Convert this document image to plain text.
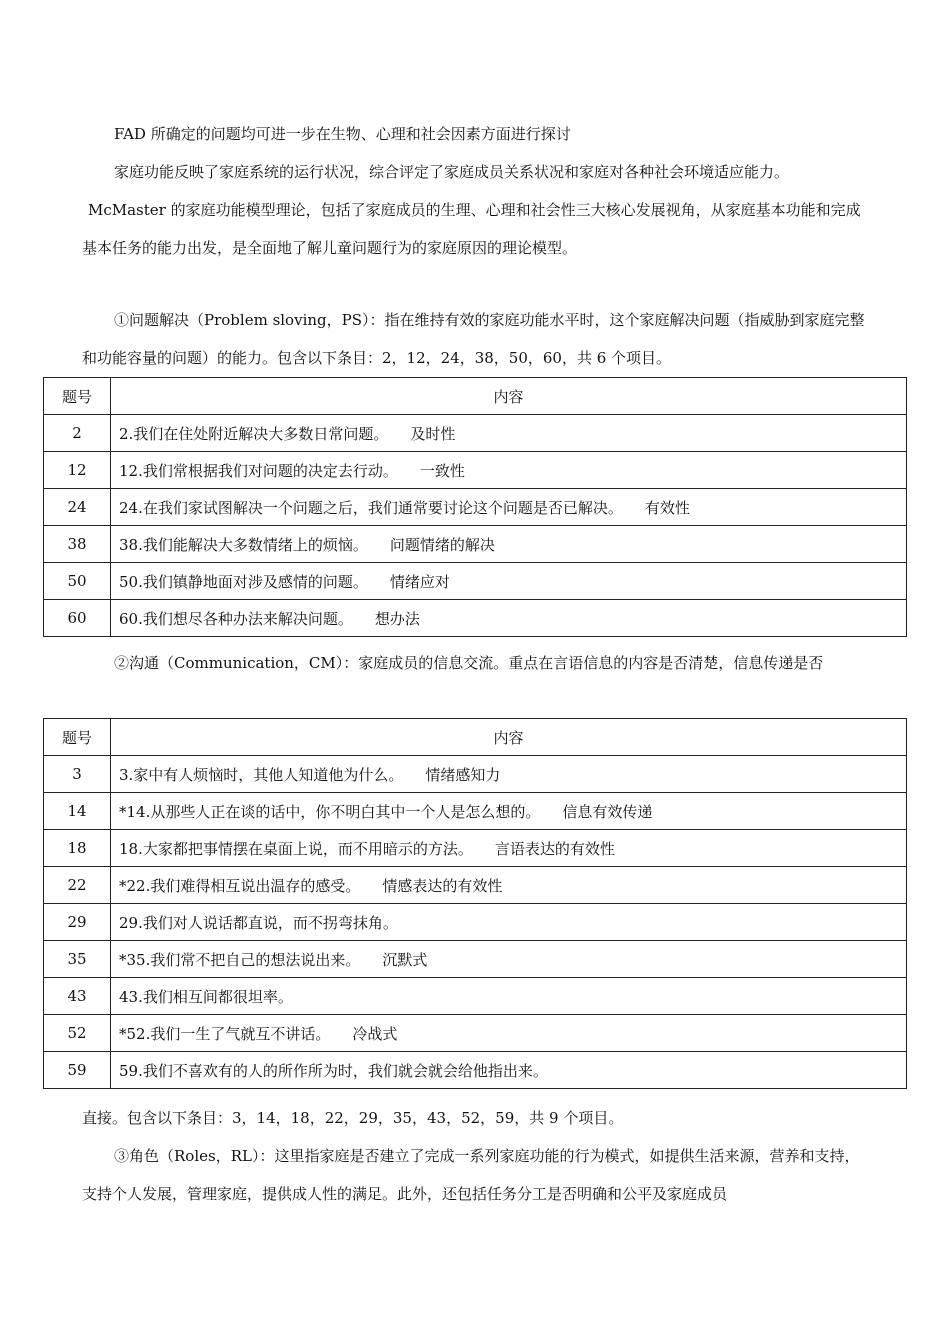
FAD 所确定的问题均可进一步在生物、心理和社会因素方面进行探讨

家庭功能反映了家庭系统的运行状况，综合评定了家庭成员关系状况和家庭对各种社会环境适应能力。

McMaster 的家庭功能模型理论，包括了家庭成员的生理、心理和社会性三大核心发展视角，从家庭基本功能和完成基本任务的能力出发，是全面地了解儿童问题行为的家庭原因的理论模型。

①问题解决（Problem sloving，PS）：指在维持有效的家庭功能水平时，这个家庭解决问题（指威胁到家庭完整和功能容量的问题）的能力。包含以下条目：2，12，24，38，50，60，共 6 个项目。

题号	内容
2	2.我们在住处附近解决大多数日常问题。 及时性
12	12.我们常根据我们对问题的决定去行动。 一致性
24	24.在我们家试图解决一个问题之后，我们通常要讨论这个问题是否已解决。 有效性
38	38.我们能解决大多数情绪上的烦恼。 问题情绪的解决
50	50.我们镇静地面对涉及感情的问题。 情绪应对
60	60.我们想尽各种办法来解决问题。 想办法

②沟通（Communication，CM）：家庭成员的信息交流。重点在言语信息的内容是否清楚，信息传递是否

题号	内容
3	3.家中有人烦恼时，其他人知道他为什么。 情绪感知力
14	*14.从那些人正在谈的话中，你不明白其中一个人是怎么想的。 信息有效传递
18	18.大家都把事情摆在桌面上说，而不用暗示的方法。 言语表达的有效性
22	*22.我们难得相互说出温存的感受。 情感表达的有效性
29	29.我们对人说话都直说，而不拐弯抹角。
35	*35.我们常不把自己的想法说出来。 沉默式
43	43.我们相互间都很坦率。
52	*52.我们一生了气就互不讲话。 冷战式
59	59.我们不喜欢有的人的所作所为时，我们就会就会给他指出来。

直接。包含以下条目：3，14，18，22，29，35，43，52，59，共 9 个项目。

③角色（Roles，RL）：这里指家庭是否建立了完成一系列家庭功能的行为模式，如提供生活来源，营养和支持，支持个人发展，管理家庭，提供成人性的满足。此外，还包括任务分工是否明确和公平及家庭成员
